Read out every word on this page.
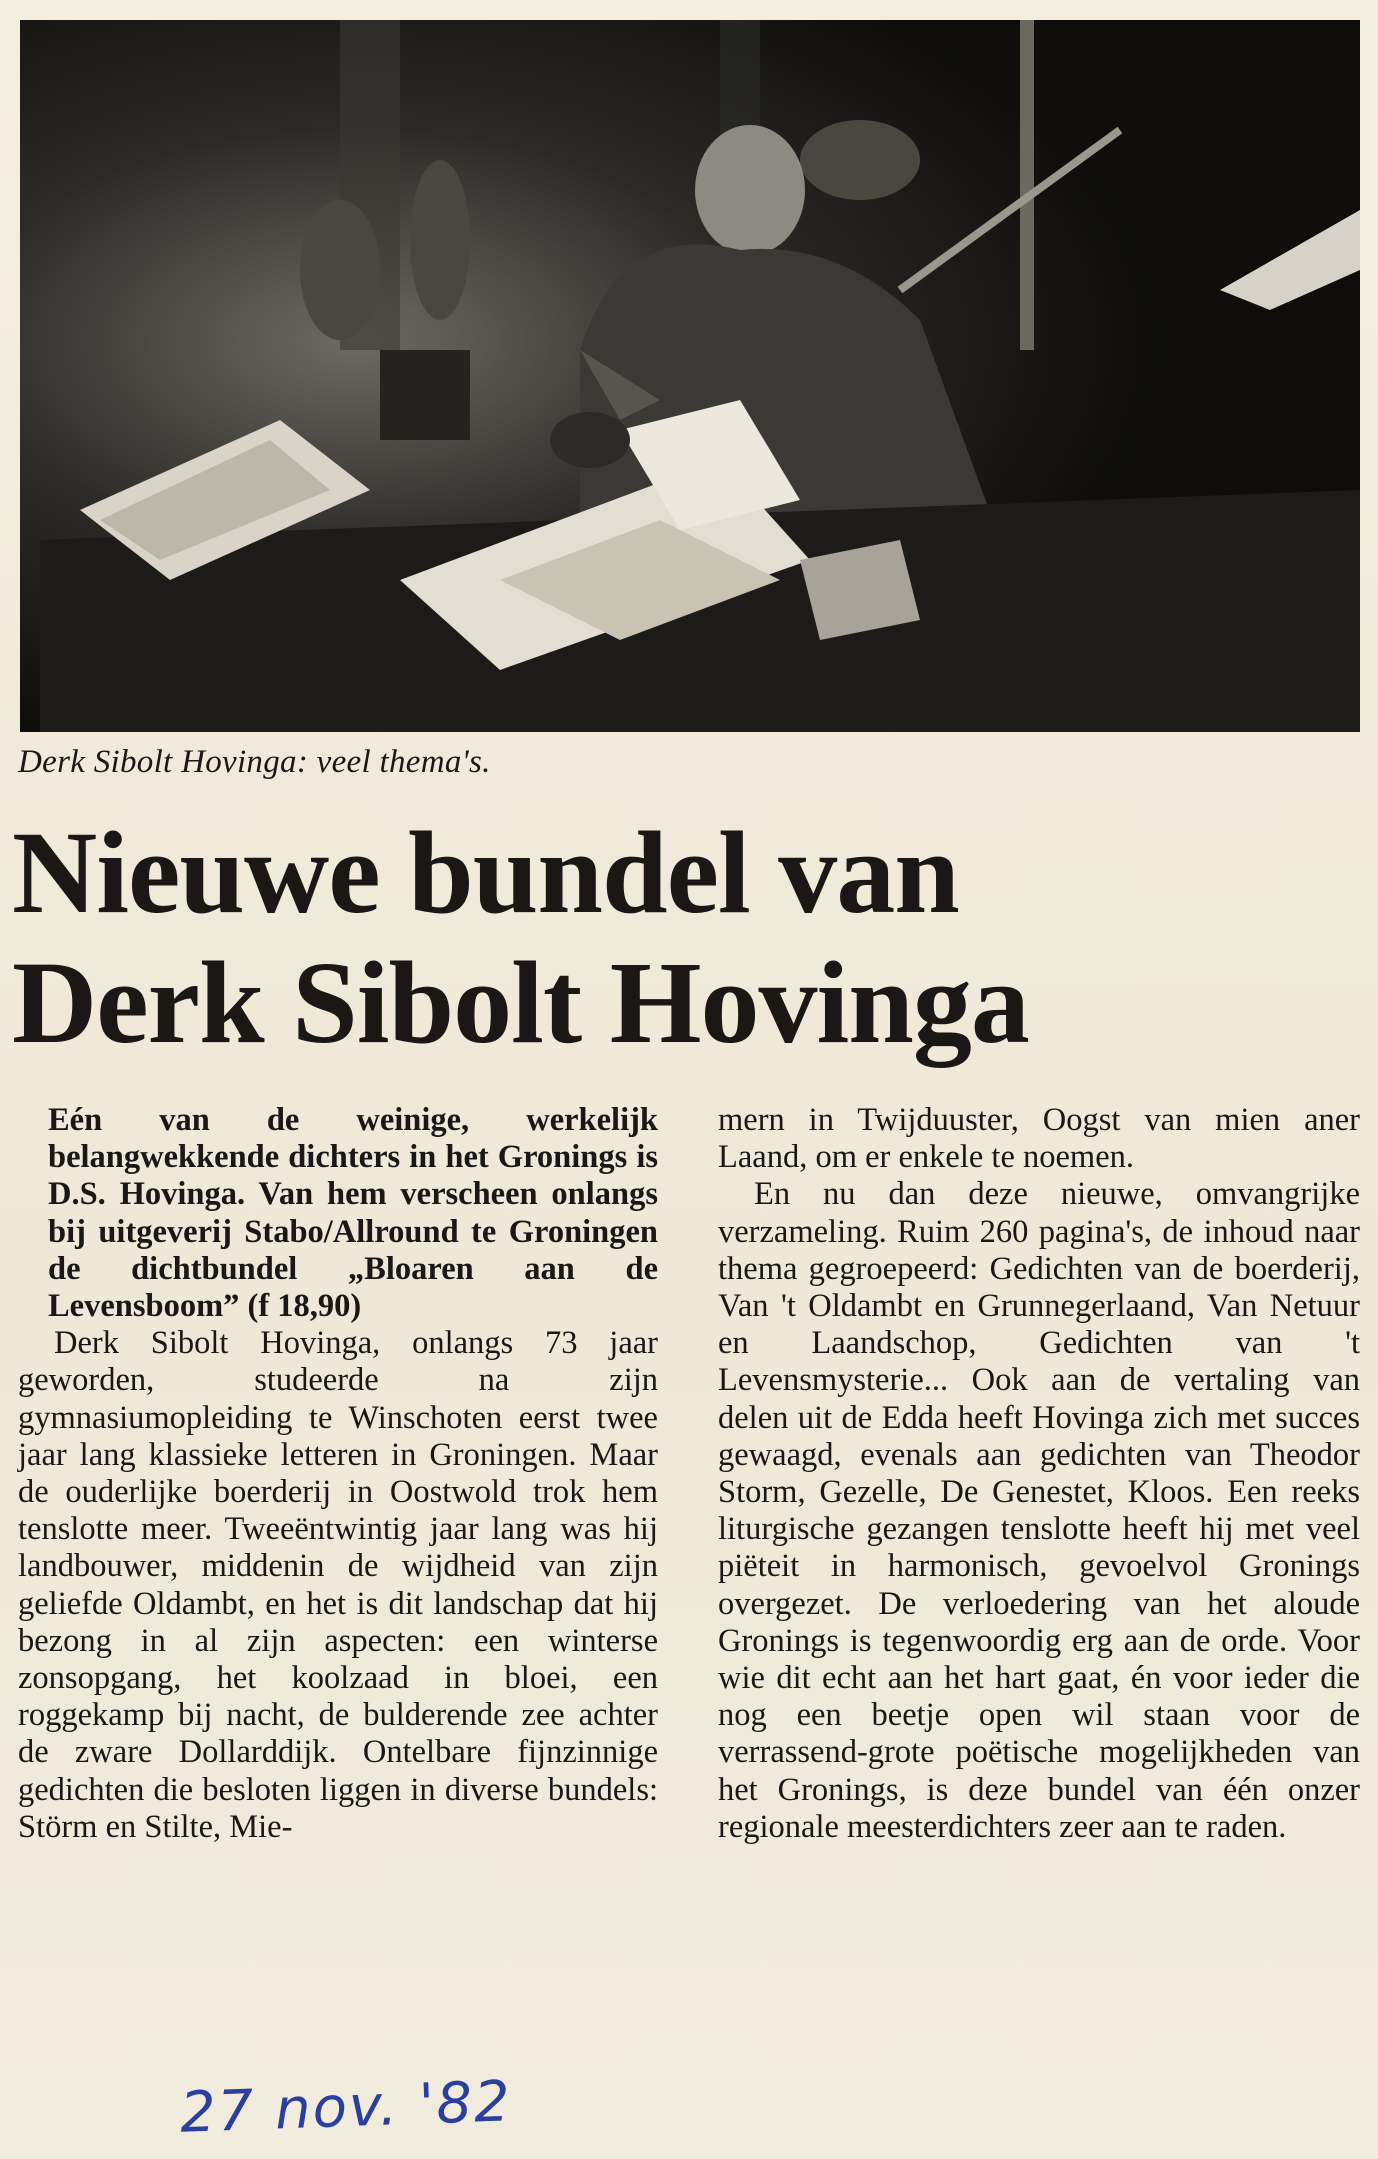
Derk Sibolt Hovinga: veel thema's.
Nieuwe bundel van
Derk Sibolt Hovinga

Eén van de weinige, werkelijk belangwekkende dichters in het Gronings is D.S. Hovinga. Van hem verscheen onlangs bij uitgeverij Stabo/Allround te Groningen de dichtbundel „Bloaren aan de Levensboom” (f 18,90)

Derk Sibolt Hovinga, onlangs 73 jaar geworden, studeerde na zijn gymnasiumopleiding te Winschoten eerst twee jaar lang klassieke letteren in Groningen. Maar de ouderlijke boerderij in Oostwold trok hem tenslotte meer. Tweeëntwintig jaar lang was hij landbouwer, middenin de wijdheid van zijn geliefde Oldambt, en het is dit landschap dat hij bezong in al zijn aspecten: een winterse zonsopgang, het koolzaad in bloei, een roggekamp bij nacht, de bulderende zee achter de zware Dollarddijk. Ontelbare fijnzinnige gedichten die besloten liggen in diverse bundels: Störm en Stilte, Mie-

mern in Twijduuster, Oogst van mien aner Laand, om er enkele te noemen.

En nu dan deze nieuwe, omvangrijke verzameling. Ruim 260 pagina's, de inhoud naar thema gegroepeerd: Gedichten van de boerderij, Van 't Oldambt en Grunnegerlaand, Van Netuur en Laandschop, Gedichten van 't Levensmysterie... Ook aan de vertaling van delen uit de Edda heeft Hovinga zich met succes gewaagd, evenals aan gedichten van Theodor Storm, Gezelle, De Genestet, Kloos. Een reeks liturgische gezangen tenslotte heeft hij met veel piëteit in harmonisch, gevoelvol Gronings overgezet. De verloedering van het aloude Gronings is tegenwoordig erg aan de orde. Voor wie dit echt aan het hart gaat, én voor ieder die nog een beetje open wil staan voor de verrassend-grote poëtische mogelijkheden van het Gronings, is deze bundel van één onzer regionale meesterdichters zeer aan te raden.

27 nov. '82
